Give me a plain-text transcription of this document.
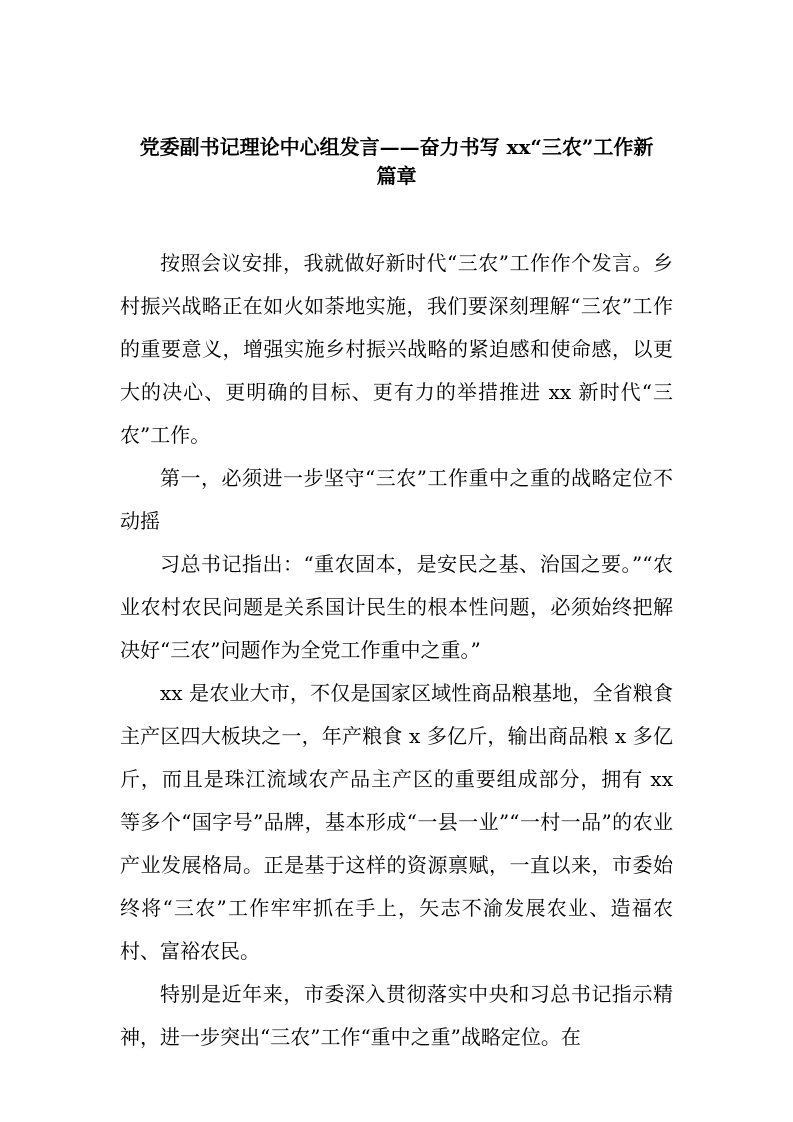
党委副书记理论中心组发言——奋力书写 xx“三农”工作新
篇章

按照会议安排，我就做好新时代“三农”工作作个发言。乡村振兴战略正在如火如荼地实施，我们要深刻理解“三农”工作的重要意义，增强实施乡村振兴战略的紧迫感和使命感，以更大的决心、更明确的目标、更有力的举措推进 xx 新时代“三农”工作。

第一，必须进一步坚守“三农”工作重中之重的战略定位不动摇

习总书记指出：“重农固本，是安民之基、治国之要。”“农业农村农民问题是关系国计民生的根本性问题，必须始终把解决好“三农”问题作为全党工作重中之重。”

xx 是农业大市，不仅是国家区域性商品粮基地，全省粮食主产区四大板块之一，年产粮食 x 多亿斤，输出商品粮 x 多亿斤，而且是珠江流域农产品主产区的重要组成部分，拥有 xx 等多个“国字号”品牌，基本形成“一县一业”“一村一品”的农业产业发展格局。正是基于这样的资源禀赋，一直以来，市委始终将“三农”工作牢牢抓在手上，矢志不渝发展农业、造福农村、富裕农民。

特别是近年来，市委深入贯彻落实中央和习总书记指示精神，进一步突出“三农”工作“重中之重”战略定位。在
